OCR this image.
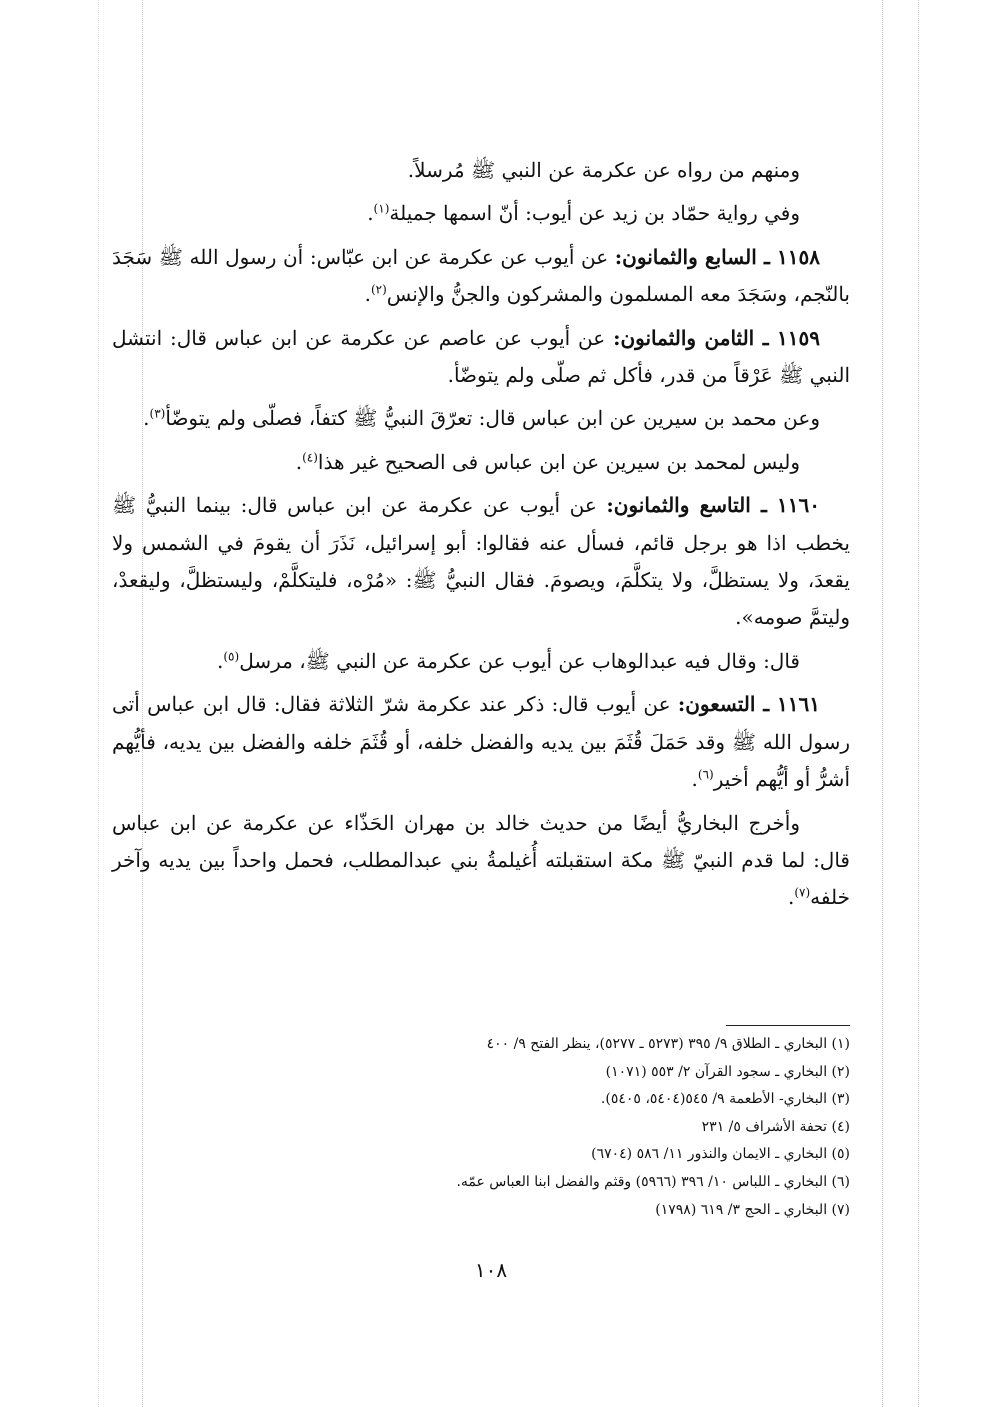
ومنهم من رواه عن عكرمة عن النبي ﷺ مُرسلاً.

وفي رواية حمّاد بن زيد عن أيوب: أنّ اسمها جميلة$^{(١)}$.

١١٥٨ ـ السابع والثمانون: عن أيوب عن عكرمة عن ابن عبّاس: أن رسول الله ﷺ سَجَدَ بالنّجم، وسَجَدَ معه المسلمون والمشركون والجنُّ والإنس$^{(٢)}$.

١١٥٩ ـ الثامن والثمانون: عن أيوب عن عاصم عن عكرمة عن ابن عباس قال: انتشل النبي ﷺ عَرْقاً من قدر، فأكل ثم صلّى ولم يتوضّأ.

وعن محمد بن سيرين عن ابن عباس قال: تعرّقَ النبيُّ ﷺ كتفاً، فصلّى ولم يتوضّأ$^{(٣)}$.

وليس لمحمد بن سيرين عن ابن عباس فى الصحيح غير هذا$^{(٤)}$.

١١٦٠ ـ التاسع والثمانون: عن أيوب عن عكرمة عن ابن عباس قال: بينما النبيُّ ﷺ يخطب اذا هو برجل قائم، فسأل عنه فقالوا: أبو إسرائيل، نَذَرَ أن يقومَ في الشمس ولا يقعدَ، ولا يستظلَّ، ولا يتكلَّمَ، ويصومَ. فقال النبيُّ ﷺ: «مُرْه، فليتكلَّمْ، وليستظلَّ، وليقعدْ، وليتمَّ صومه».

قال: وقال فيه عبدالوهاب عن أيوب عن عكرمة عن النبي ﷺ، مرسل$^{(٥)}$.

١١٦١ ـ التسعون: عن أيوب قال: ذكر عند عكرمة شرّ الثلاثة فقال: قال ابن عباس أتى رسول الله ﷺ وقد حَمَلَ قُثَمَ بين يديه والفضل خلفه، أو قُثَمَ خلفه والفضل بين يديه، فأيُّهم أشرُّ أو أيُّهم أخير$^{(٦)}$.

وأخرج البخاريُّ أيضًا من حديث خالد بن مهران الحَذّاء عن عكرمة عن ابن عباس قال: لما قدم النبيّ ﷺ مكة استقبلته أُغيلمةُ بني عبدالمطلب، فحمل واحداً بين يديه وآخر خلفه$^{(٧)}$.

(١) البخاري ـ الطلاق ٩/ ٣٩٥ (٥٢٧٣ ـ ٥٢٧٧)، ينظر الفتح ٩/ ٤٠٠

(٢) البخاري ـ سجود القرآن ٢/ ٥٥٣ (١٠٧١)

(٣) البخاري- الأطعمة ٩/ ٥٤٥(٥٤٠٤، ٥٤٠٥).

(٤) تحفة الأشراف ٥/ ٢٣١

(٥) البخاري ـ الايمان والنذور ١١/ ٥٨٦ (٦٧٠٤)

(٦) البخاري ـ اللباس ١٠/ ٣٩٦ (٥٩٦٦) وقثم والفضل ابنا العباس عمّه.

(٧) البخاري ـ الحج ٣/ ٦١٩ (١٧٩٨)

١٠٨
